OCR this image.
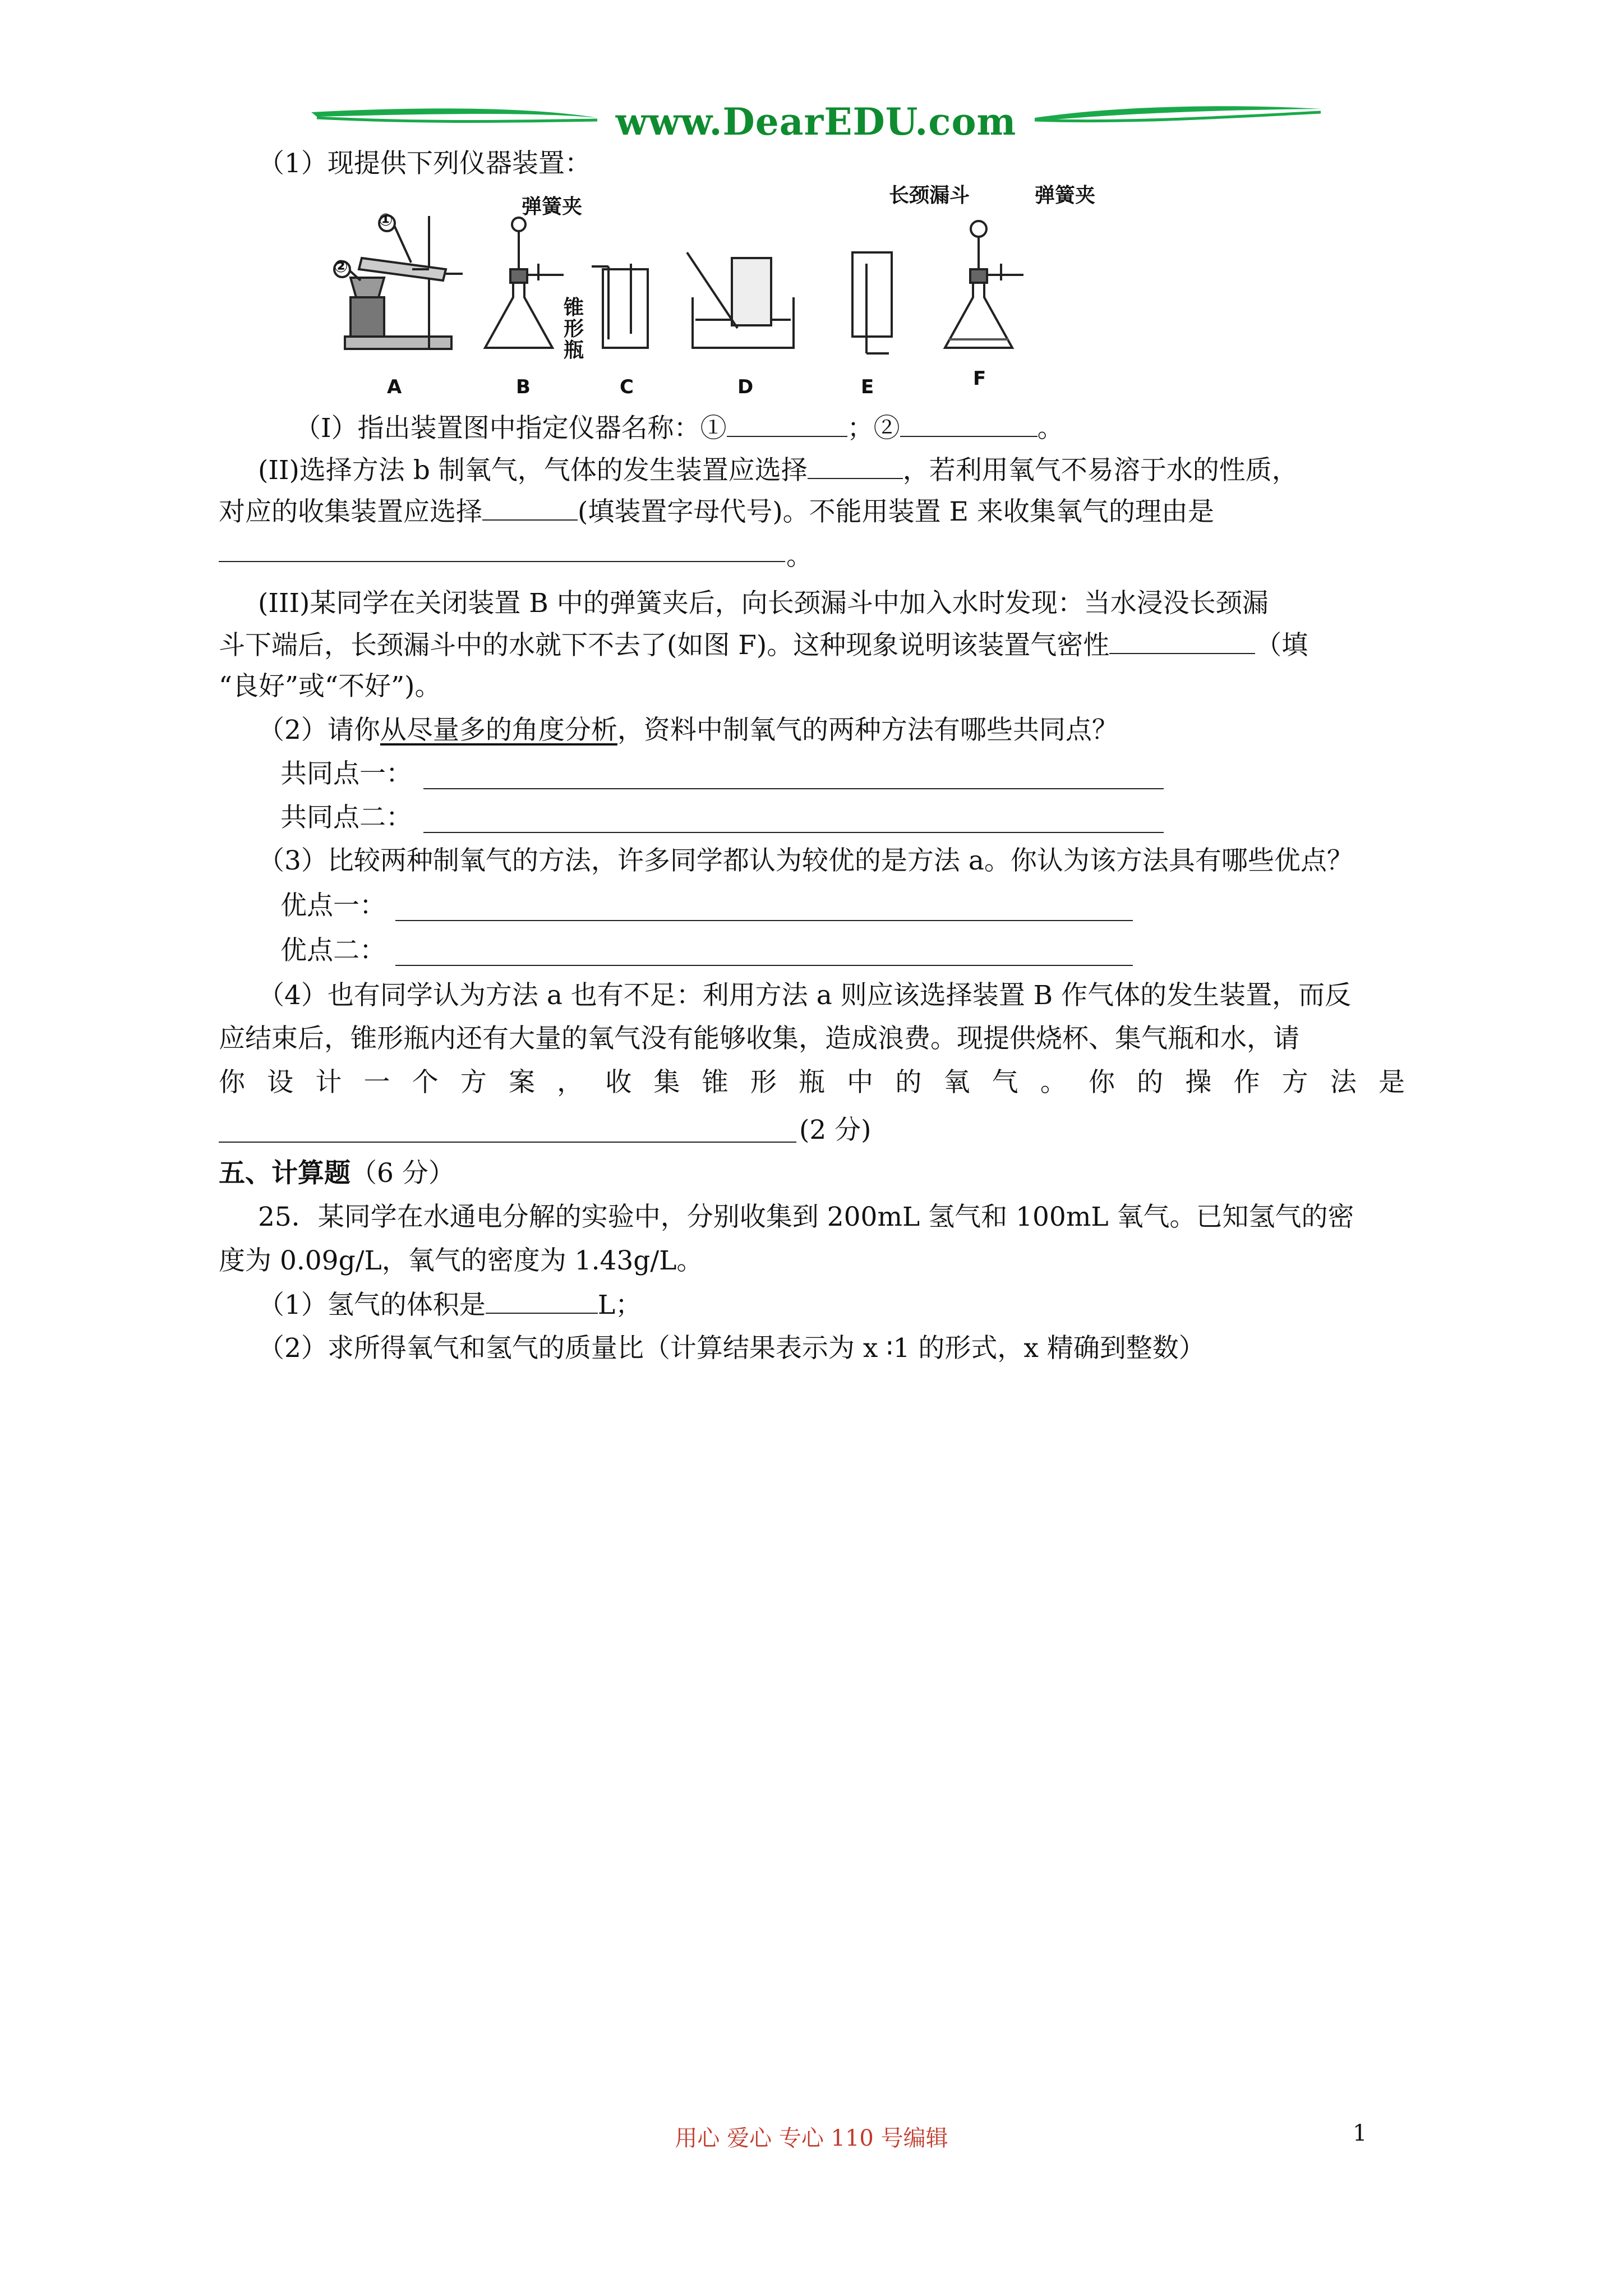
www.DearEDU.com
（1）现提供下列仪器装置：
弹簧夹	长颈漏斗	弹簧夹
锥
形
瓶
①
②
A	B	C	D	E	F
（I）指出装置图中指定仪器名称：①	；②	。
(II)选择方法 b 制氧气，气体的发生装置应选择	，若利用氧气不易溶于水的性质，
对应的收集装置应选择	(填装置字母代号)。不能用装置 E 来收集氧气的理由是
。
(III)某同学在关闭装置 B 中的弹簧夹后，向长颈漏斗中加入水时发现：当水浸没长颈漏
斗下端后，长颈漏斗中的水就下不去了(如图 F)。这种现象说明该装置气密性	（填
“良好”或“不好”)。
（2）请你从尽量多的角度分析，资料中制氧气的两种方法有哪些共同点？
共同点一：
共同点二：
（3）比较两种制氧气的方法，许多同学都认为较优的是方法 a。你认为该方法具有哪些优点？
优点一：
优点二：
（4）也有同学认为方法 a 也有不足：利用方法 a 则应该选择装置 B 作气体的发生装置，而反
应结束后，锥形瓶内还有大量的氧气没有能够收集，造成浪费。现提供烧杯、集气瓶和水，请
你 设 计 一 个 方 案 ， 收 集 锥 形 瓶 中 的 氧 气 。 你 的 操 作 方 法 是
(2 分)
五、计算题（6 分）
25．某同学在水通电分解的实验中，分别收集到 200mL 氢气和 100mL 氧气。已知氢气的密
度为 0.09g/L，氧气的密度为 1.43g/L。
（1）氢气的体积是	L；
（2）求所得氧气和氢气的质量比（计算结果表示为 x ∶1 的形式，x 精确到整数）
用心 爱心 专心 110 号编辑	1
